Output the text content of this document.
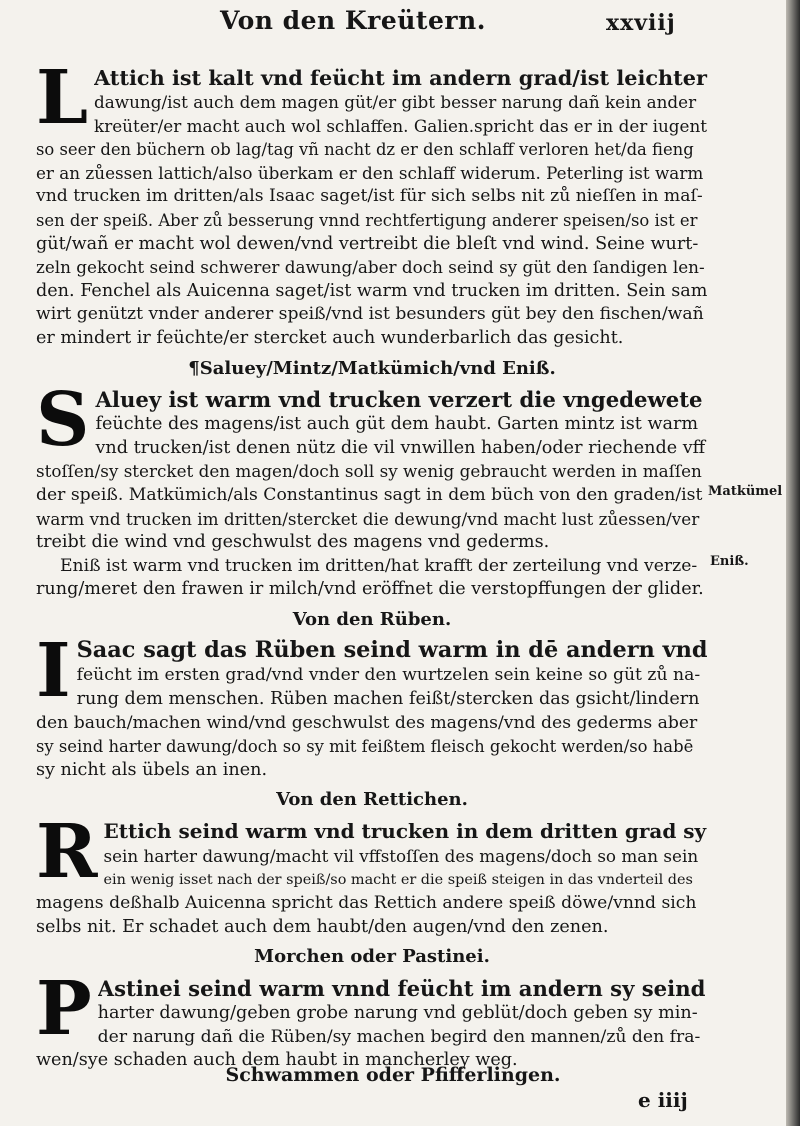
Von den Kreütern.	xxviij
L Attich ist kalt vnd feücht im andern grad/ist leichter
dawung/ist auch dem magen güt/er gibt besser narung dañ kein ander
kreüter/er macht auch wol schlaffen. Galien.spricht das er in der iugent
so seer den büchern ob lag/tag vñ nacht dz er den schlaff verloren het/da fieng
er an zůessen lattich/also überkam er den schlaff widerum. Peterling ist warm
vnd trucken im dritten/als Isaac saget/ist für sich selbs nit zů nieſſen in maſ-
sen der speiß. Aber zů besserung vnnd rechtfertigung anderer speisen/so ist er
güt/wañ er macht wol dewen/vnd vertreibt die bleſt vnd wind. Seine wurt-
zeln gekocht seind schwerer dawung/aber doch seind sy güt den ſandigen len-
den. Fenchel als Auicenna saget/ist warm vnd trucken im dritten. Sein sam
wirt genützt vnder anderer speiß/vnd ist besunders güt bey den fischen/wañ
er mindert ir feüchte/er stercket auch wunderbarlich das gesicht.
¶Saluey/Mintz/Matkümich/vnd Eniß.
S Aluey ist warm vnd trucken verzert die vngedewete
feüchte des magens/ist auch güt dem haubt. Garten mintz ist warm
vnd trucken/ist denen nütz die vil vnwillen haben/oder riechende vff
stoſſen/sy stercket den magen/doch soll sy wenig gebraucht werden in maſſen
der speiß. Matkümich/als Constantinus sagt in dem büch von den graden/ist
warm vnd trucken im dritten/stercket die dewung/vnd macht lust zůessen/ver
treibt die wind vnd geschwulst des magens vnd gederms.
Eniß ist warm vnd trucken im dritten/hat krafft der zerteilung vnd verze-
rung/meret den frawen ir milch/vnd eröffnet die verstopffungen der glider.
Von den Rüben.
I Saac sagt das Rüben seind warm in dē andern vnd
feücht im ersten grad/vnd vnder den wurtzelen sein keine so güt zů na-
rung dem menschen. Rüben machen feißt/stercken das gsicht/lindern
den bauch/machen wind/vnd geschwulst des magens/vnd des gederms aber
sy seind harter dawung/doch so sy mit feißtem fleisch gekocht werden/so habē
sy nicht als übels an inen.
Von den Rettichen.
R Ettich seind warm vnd trucken in dem dritten grad sy
sein harter dawung/macht vil vffstoſſen des magens/doch so man sein
ein wenig isset nach der speiß/so macht er die speiß steigen in das vnderteil des
magens deßhalb Auicenna spricht das Rettich andere speiß döwe/vnnd sich
selbs nit. Er schadet auch dem haubt/den augen/vnd den zenen.
Morchen oder Pastinei.
P Astinei seind warm vnnd feücht im andern sy seind
harter dawung/geben grobe narung vnd geblüt/doch geben sy min-
der narung dañ die Rüben/sy machen begird den mannen/zů den fra-
wen/sye schaden auch dem haubt in mancherley weg.
Matkümel
Eniß.
Schwammen oder Pfifferlingen.
e iiij
